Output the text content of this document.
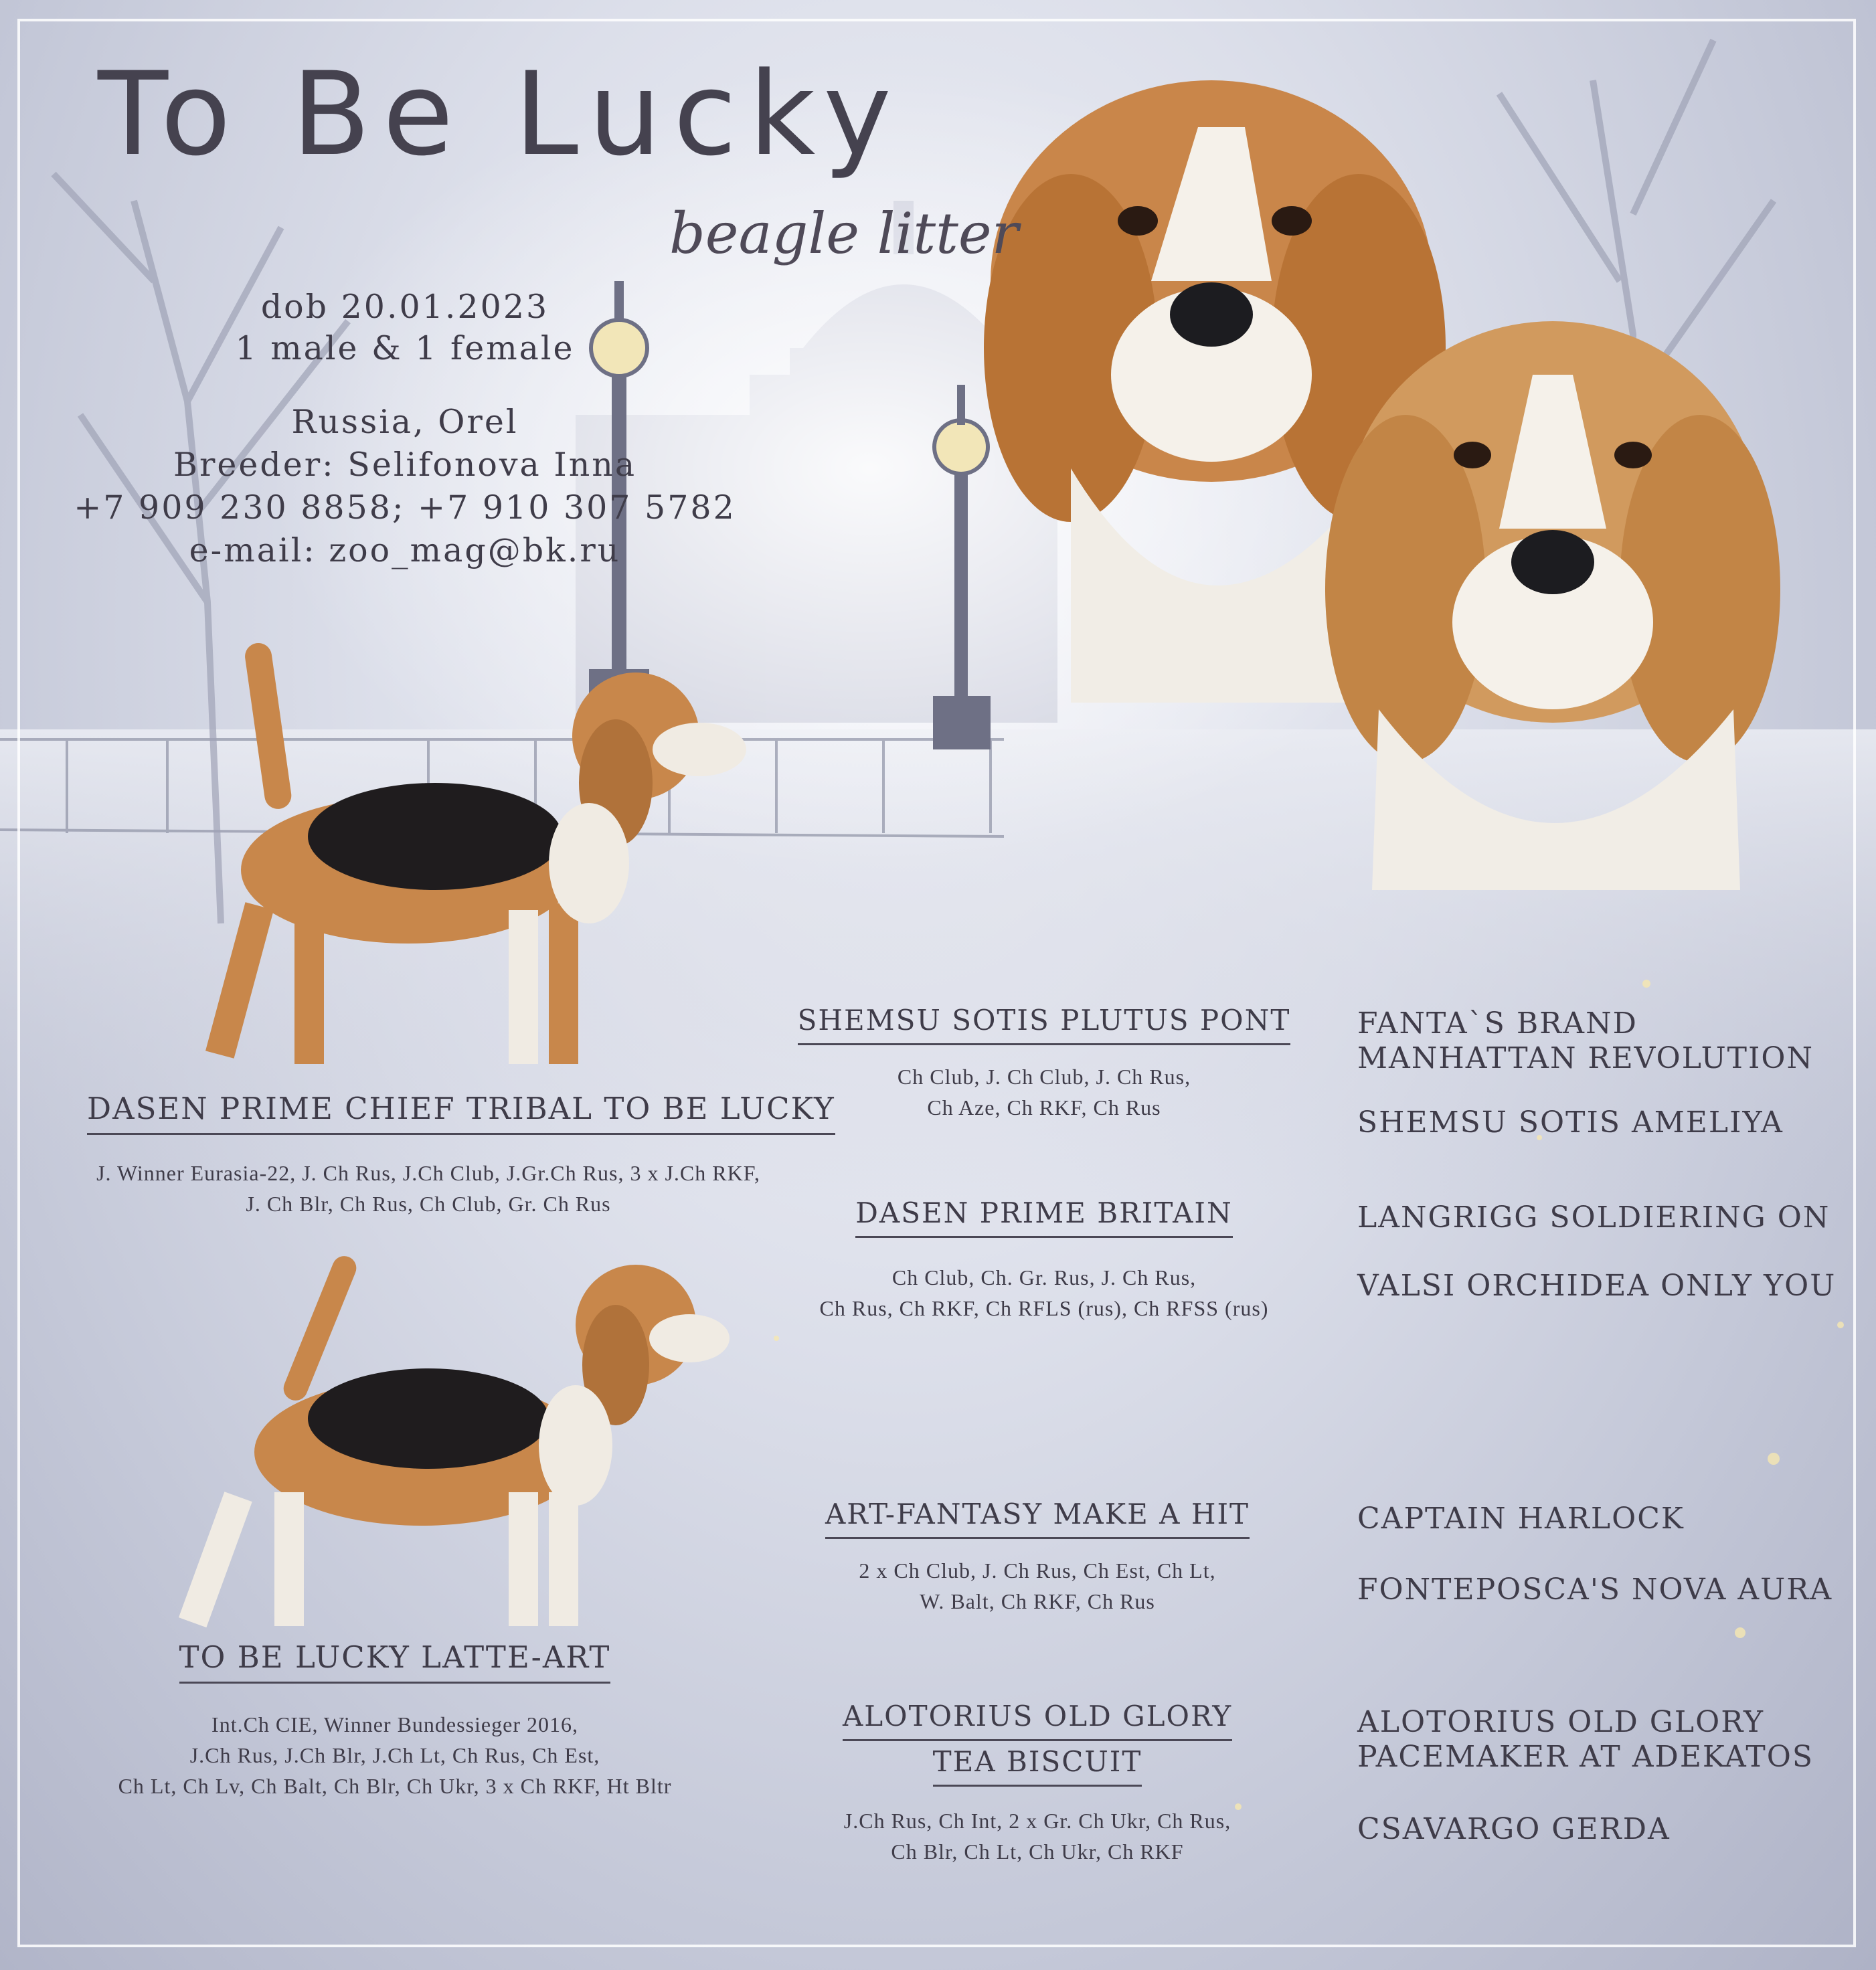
To Be Lucky
beagle litter
dob 20.01.2023
1 male & 1 female
Russia, Orel
Breeder: Selifonova Inna
+7 909 230 8858; +7 910 307 5782
e-mail: zoo_mag@bk.ru
DASEN PRIME CHIEF TRIBAL TO BE LUCKY
J. Winner Eurasia-22, J. Ch Rus, J.Ch Club, J.Gr.Ch Rus, 3 x J.Ch RKF,
J. Ch Blr, Ch Rus, Ch Club, Gr. Ch Rus
TO BE LUCKY LATTE-ART
Int.Ch CIE, Winner Bundessieger 2016,
J.Ch Rus, J.Ch Blr, J.Ch Lt, Ch Rus, Ch Est,
Ch Lt, Ch Lv, Ch Balt, Ch Blr, Ch Ukr, 3 x Ch RKF, Ht Bltr
SHEMSU SOTIS PLUTUS PONT
Ch Club, J. Ch Club, J. Ch Rus,
Ch Aze, Ch RKF, Ch Rus
DASEN PRIME BRITAIN
Ch Club, Ch. Gr. Rus, J. Ch Rus,
Ch Rus, Ch RKF, Ch RFLS (rus), Ch RFSS (rus)
ART-FANTASY MAKE A HIT
2 x Ch Club, J. Ch Rus, Ch Est, Ch Lt,
W. Balt, Ch RKF, Ch Rus
ALOTORIUS OLD GLORY
TEA BISCUIT
J.Ch Rus, Ch Int, 2 x Gr. Ch Ukr, Ch Rus,
Ch Blr, Ch Lt, Ch Ukr, Ch RKF
FANTA`S BRAND
MANHATTAN REVOLUTION
SHEMSU SOTIS AMELIYA
LANGRIGG SOLDIERING ON
VALSI ORCHIDEA ONLY YOU
CAPTAIN HARLOCK
FONTEPOSCA'S NOVA AURA
ALOTORIUS OLD GLORY
PACEMAKER AT ADEKATOS
CSAVARGO GERDA
